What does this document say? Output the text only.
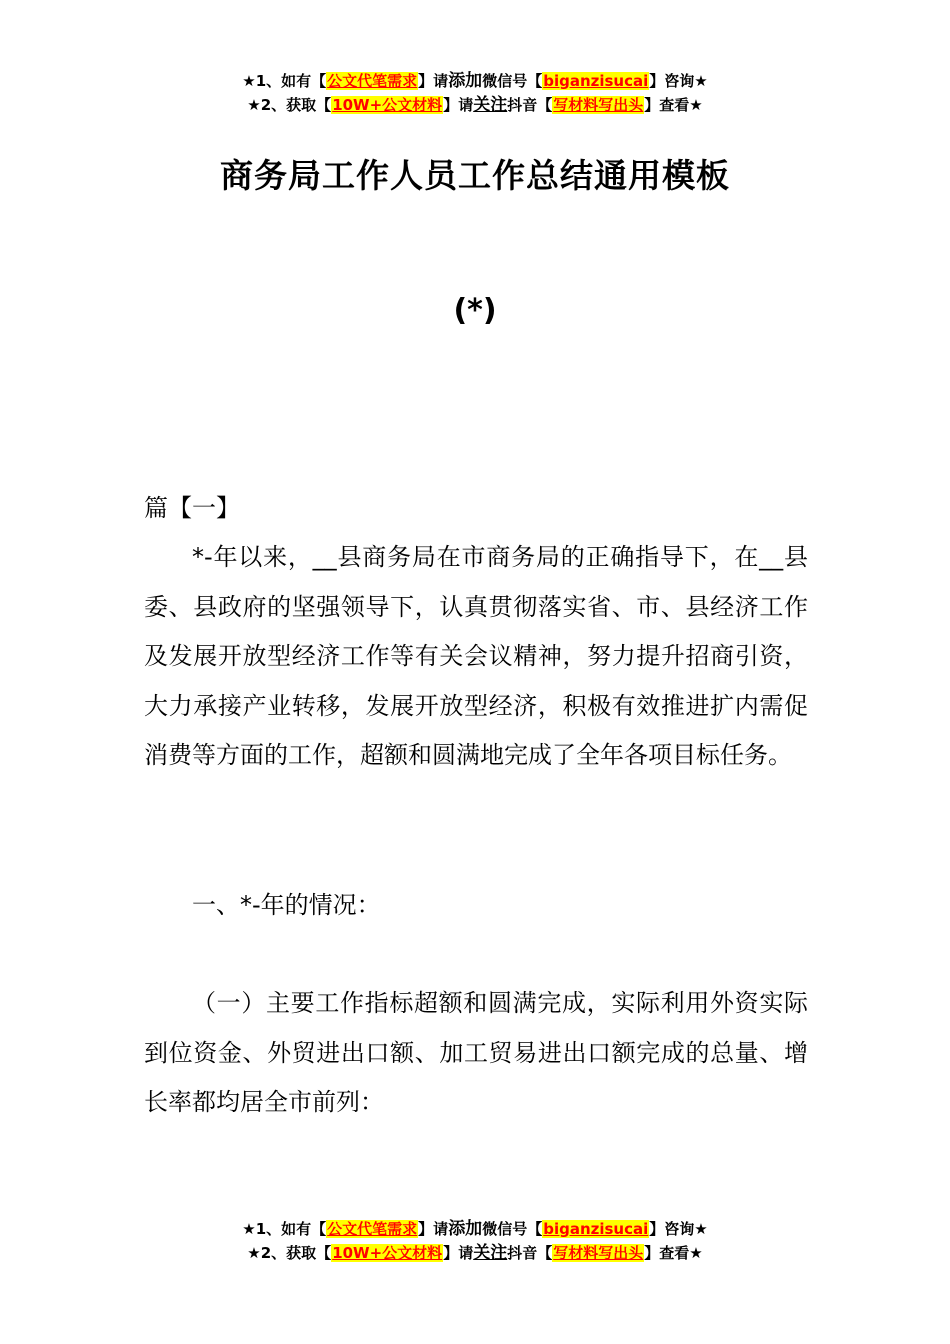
★1、如有【公文代笔需求】请添加微信号【biganzisucai】咨询★
★2、获取【10W+公文材料】请关注抖音【写材料写出头】查看★
商务局工作人员工作总结通用模板
(*)
篇【一】

*-年以来，__县商务局在市商务局的正确指导下，在__县委、县政府的坚强领导下，认真贯彻落实省、市、县经济工作及发展开放型经济工作等有关会议精神，努力提升招商引资，大力承接产业转移，发展开放型经济，积极有效推进扩内需促消费等方面的工作，超额和圆满地完成了全年各项目标任务。

一、*-年的情况：

（一）主要工作指标超额和圆满完成，实际利用外资实际到位资金、外贸进出口额、加工贸易进出口额完成的总量、增长率都均居全市前列：

★1、如有【公文代笔需求】请添加微信号【biganzisucai】咨询★
★2、获取【10W+公文材料】请关注抖音【写材料写出头】查看★
